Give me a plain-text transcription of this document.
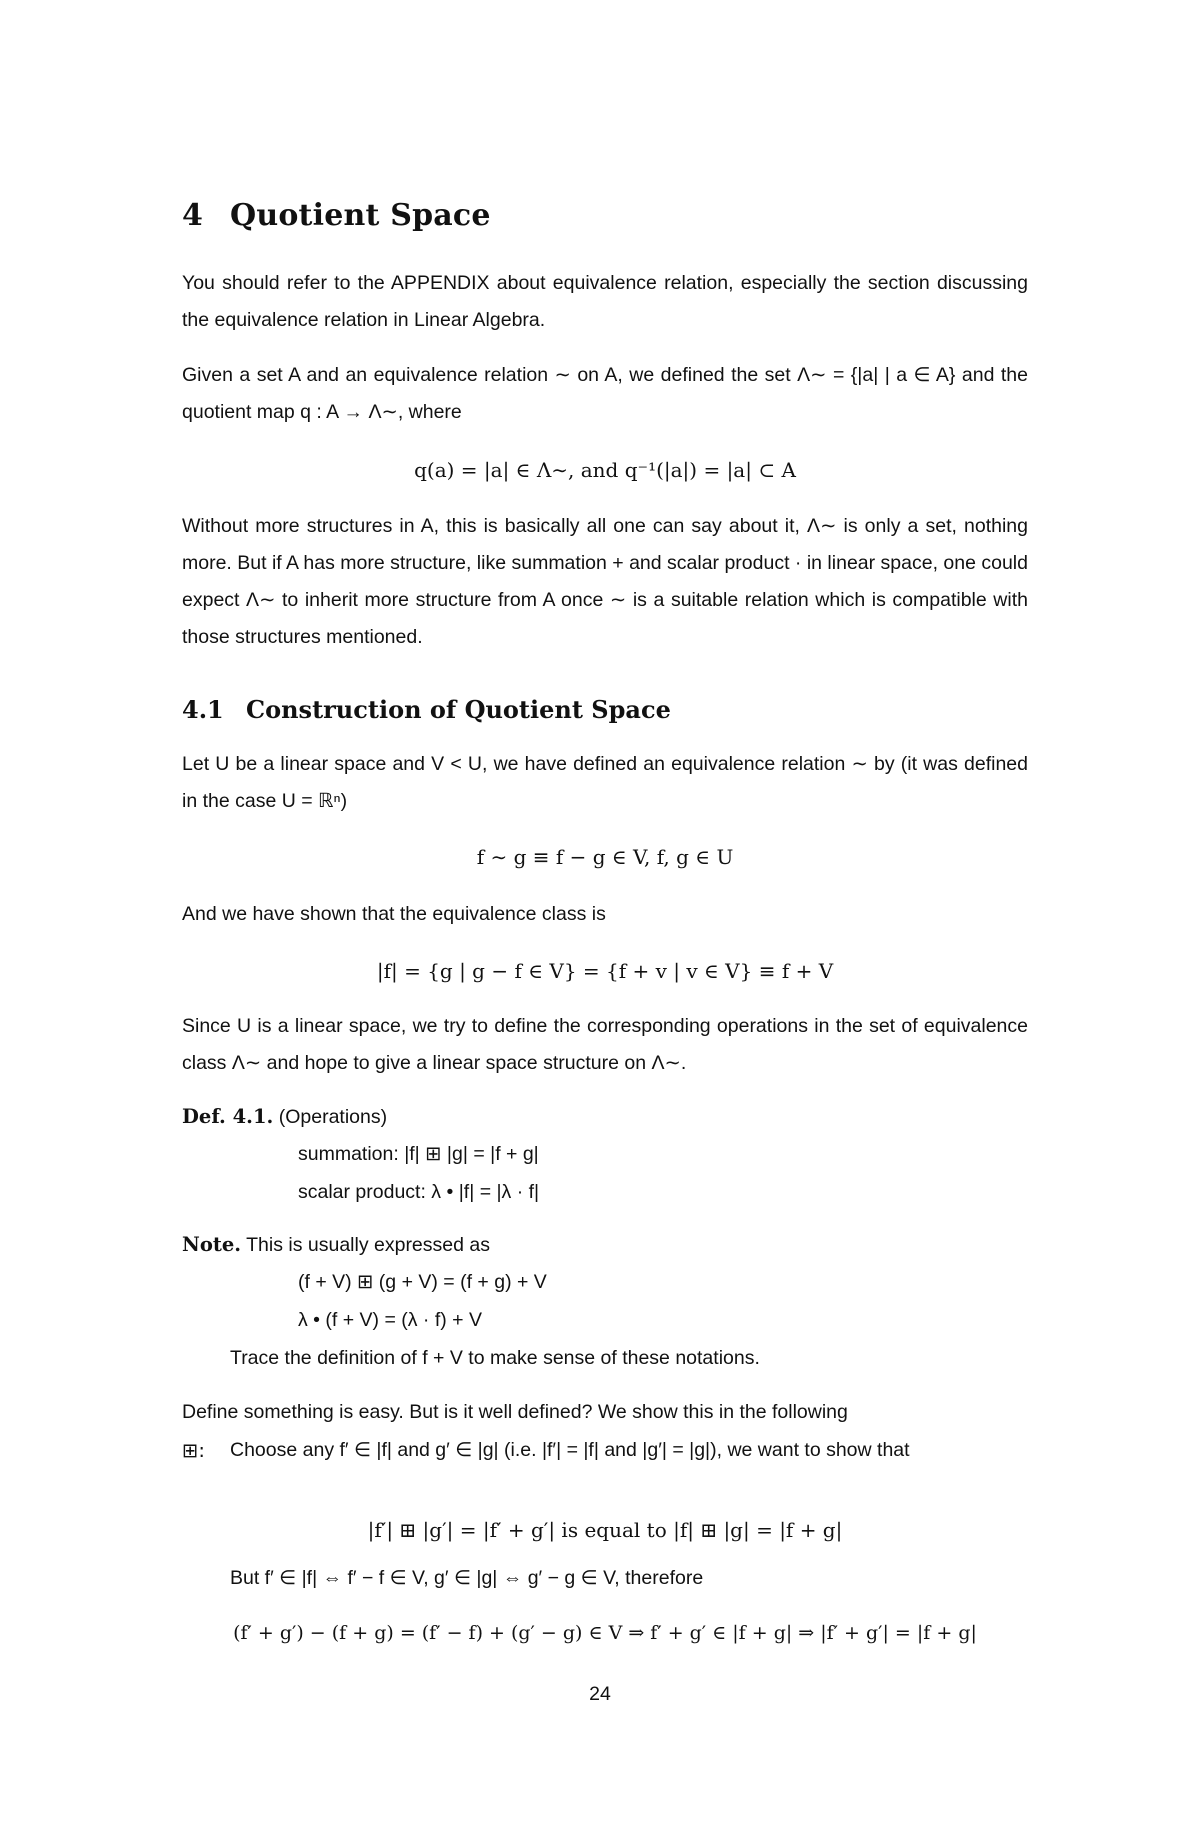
4 Quotient Space

You should refer to the APPENDIX about equivalence relation, especially the section discussing the equivalence relation in Linear Algebra.

Given a set A and an equivalence relation ∼ on A, we defined the set Λ∼ = {|a| | a ∈ A} and the quotient map q : A → Λ∼, where

q(a) = |a| ∈ Λ∼, and q⁻¹(|a|) = |a| ⊂ A

Without more structures in A, this is basically all one can say about it, Λ∼ is only a set, nothing more. But if A has more structure, like summation + and scalar product · in linear space, one could expect Λ∼ to inherit more structure from A once ∼ is a suitable relation which is compatible with those structures mentioned.

4.1 Construction of Quotient Space

Let U be a linear space and V < U, we have defined an equivalence relation ∼ by (it was defined in the case U = ℝⁿ)

f ∼ g ≡ f − g ∈ V, f, g ∈ U

And we have shown that the equivalence class is

|f| = {g | g − f ∈ V} = {f + v | v ∈ V} ≡ f + V

Since U is a linear space, we try to define the corresponding operations in the set of equivalence class Λ∼ and hope to give a linear space structure on Λ∼.

Def. 4.1. (Operations)

summation: |f| ⊞ |g| = |f + g|

scalar product: λ • |f| = |λ · f|

Note. This is usually expressed as

(f + V) ⊞ (g + V) = (f + g) + V

λ • (f + V) = (λ · f) + V

Trace the definition of f + V to make sense of these notations.

Define something is easy. But is it well defined? We show this in the following

⊞: Choose any f′ ∈ |f| and g′ ∈ |g| (i.e. |f′| = |f| and |g′| = |g|), we want to show that

|f′| ⊞ |g′| = |f′ + g′| is equal to |f| ⊞ |g| = |f + g|

But f′ ∈ |f| ⇔ f′ − f ∈ V, g′ ∈ |g| ⇔ g′ − g ∈ V, therefore

(f′ + g′) − (f + g) = (f′ − f) + (g′ − g) ∈ V ⇒ f′ + g′ ∈ |f + g| ⇒ |f′ + g′| = |f + g|
24
